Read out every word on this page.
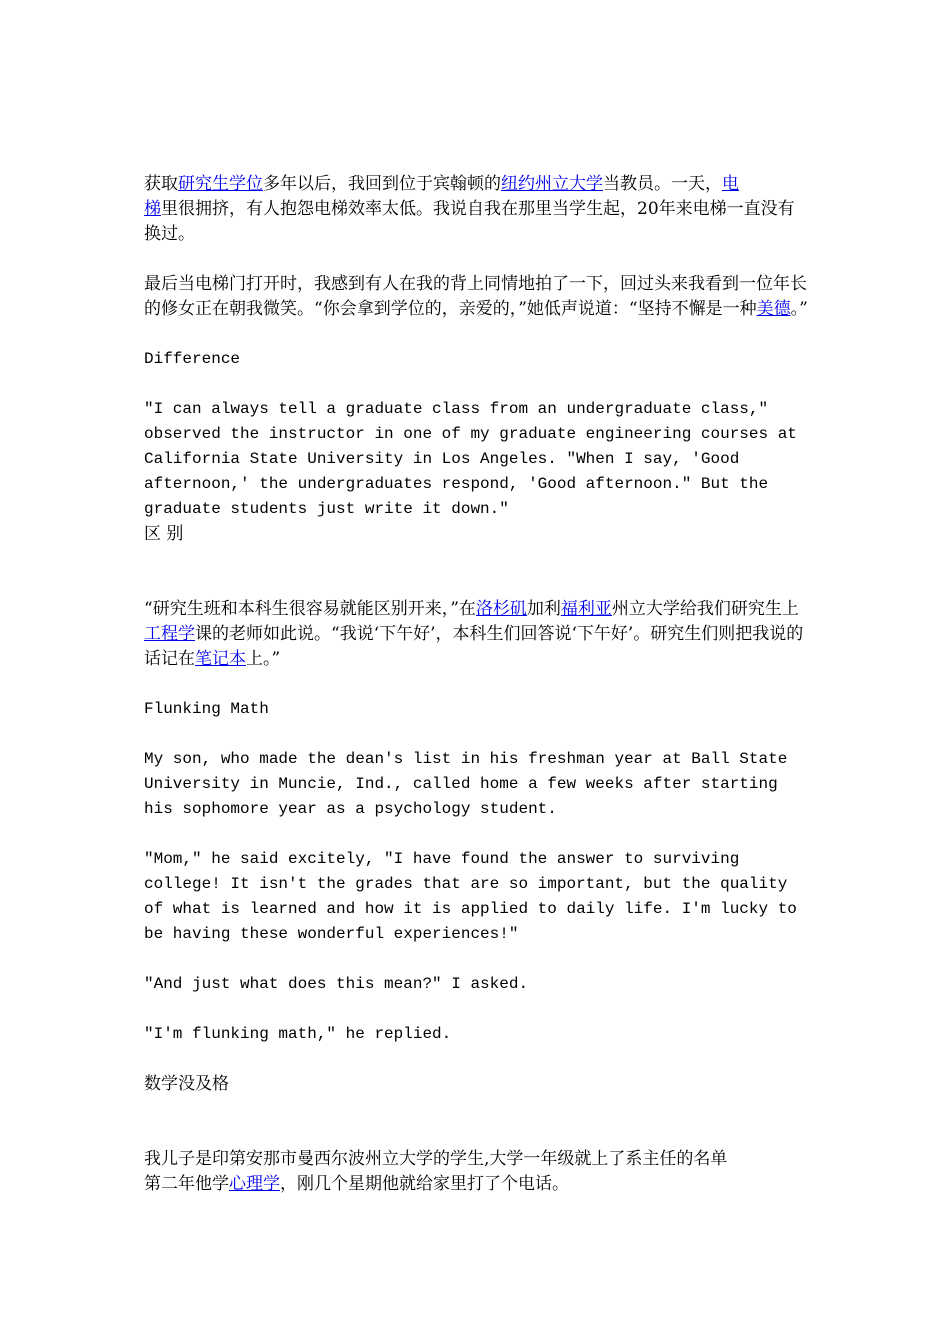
获取研究生学位多年以后，我回到位于宾翰顿的纽约州立大学当教员。一天，电
梯里很拥挤，有人抱怨电梯效率太低。我说自我在那里当学生起，20年来电梯一直没有换过。

最后当电梯门打开时，我感到有人在我的背上同情地拍了一下，回过头来我看到一位年长的修女正在朝我微笑。“你会拿到学位的，亲爱的，”她低声说道：“坚持不懈是一种美德。”

Difference

"I can always tell a graduate class from an undergraduate class,"
observed the instructor in one of my graduate engineering courses at
California State University in Los Angeles. "When I say, 'Good
afternoon,' the undergraduates respond, 'Good afternoon." But the
graduate students just write it down."

区 别

“研究生班和本科生很容易就能区别开来，”在洛杉矶加利福利亚州立大学给我们研究生上工程学课的老师如此说。“我说‘下午好’，本科生们回答说‘下午好’。研究生们则把我说的话记在笔记本上。”

Flunking Math

My son, who made the dean's list in his freshman year at Ball State
University in Muncie, Ind., called home a few weeks after starting
his sophomore year as a psychology student.

"Mom," he said excitely, "I have found the answer to surviving
college! It isn't the grades that are so important, but the quality
of what is learned and how it is applied to daily life. I'm lucky to
be having these wonderful experiences!"

"And just what does this mean?" I asked.

"I'm flunking math," he replied.

数学没及格

我儿子是印第安那市曼西尔波州立大学的学生,大学一年级就上了系主任的名单
第二年他学心理学，刚几个星期他就给家里打了个电话。
